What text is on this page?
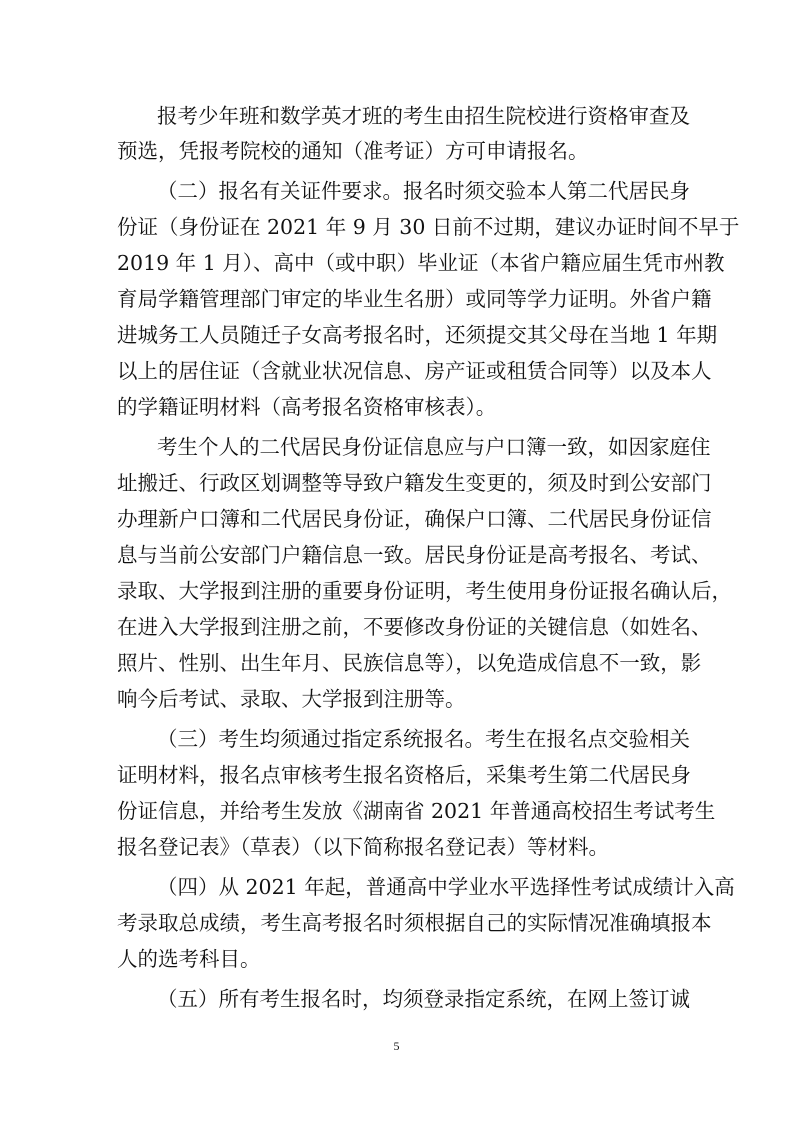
报考少年班和数学英才班的考生由招生院校进行资格审查及
预选，凭报考院校的通知（准考证）方可申请报名。
（二）报名有关证件要求。报名时须交验本人第二代居民身
份证（身份证在 2021 年 9 月 30 日前不过期，建议办证时间不早于
2019 年 1 月）、高中（或中职）毕业证（本省户籍应届生凭市州教
育局学籍管理部门审定的毕业生名册）或同等学力证明。外省户籍
进城务工人员随迁子女高考报名时，还须提交其父母在当地 1 年期
以上的居住证（含就业状况信息、房产证或租赁合同等）以及本人
的学籍证明材料（高考报名资格审核表）。
考生个人的二代居民身份证信息应与户口簿一致，如因家庭住
址搬迁、行政区划调整等导致户籍发生变更的，须及时到公安部门
办理新户口簿和二代居民身份证，确保户口簿、二代居民身份证信
息与当前公安部门户籍信息一致。居民身份证是高考报名、考试、
录取、大学报到注册的重要身份证明，考生使用身份证报名确认后，
在进入大学报到注册之前，不要修改身份证的关键信息（如姓名、
照片、性别、出生年月、民族信息等），以免造成信息不一致，影
响今后考试、录取、大学报到注册等。
（三）考生均须通过指定系统报名。考生在报名点交验相关
证明材料，报名点审核考生报名资格后，采集考生第二代居民身
份证信息，并给考生发放《湖南省 2021 年普通高校招生考试考生
报名登记表》（草表）（以下简称报名登记表）等材料。
（四）从 2021 年起，普通高中学业水平选择性考试成绩计入高
考录取总成绩，考生高考报名时须根据自己的实际情况准确填报本
人的选考科目。
（五）所有考生报名时，均须登录指定系统，在网上签订诚
5
